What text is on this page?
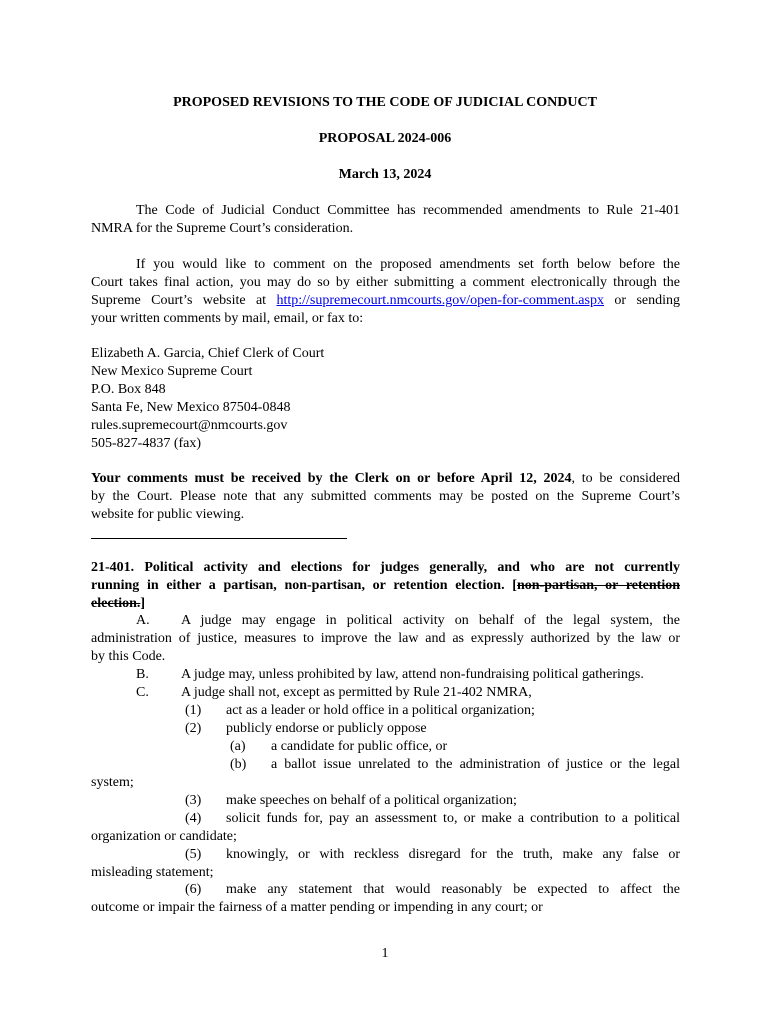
PROPOSED REVISIONS TO THE CODE OF JUDICIAL CONDUCT
PROPOSAL 2024-006
March 13, 2024
The Code of Judicial Conduct Committee has recommended amendments to Rule 21-401
NMRA for the Supreme Court’s consideration.
If you would like to comment on the proposed amendments set forth below before the
Court takes final action, you may do so by either submitting a comment electronically through the
Supreme Court’s website at http://supremecourt.nmcourts.gov/open-for-comment.aspx or sending
your written comments by mail, email, or fax to:
Elizabeth A. Garcia, Chief Clerk of Court
New Mexico Supreme Court
P.O. Box 848
Santa Fe, New Mexico 87504-0848
rules.supremecourt@nmcourts.gov
505-827-4837 (fax)
Your comments must be received by the Clerk on or before April 12, 2024, to be considered
by the Court. Please note that any submitted comments may be posted on the Supreme Court’s
website for public viewing.
21-401. Political activity and elections for judges generally, and who are not currently
running in either a partisan, non-partisan, or retention election. [non-partisan, or retention
election.]
A.	A judge may engage in political activity on behalf of the legal system, the
administration of justice, measures to improve the law and as expressly authorized by the law or
by this Code.
B.	A judge may, unless prohibited by law, attend non-fundraising political gatherings.
C.	A judge shall not, except as permitted by Rule 21-402 NMRA,
(1)	act as a leader or hold office in a political organization;
(2)	publicly endorse or publicly oppose
(a)	a candidate for public office, or
(b)	a ballot issue unrelated to the administration of justice or the legal
system;
(3)	make speeches on behalf of a political organization;
(4)	solicit funds for, pay an assessment to, or make a contribution to a political
organization or candidate;
(5)	knowingly, or with reckless disregard for the truth, make any false or
misleading statement;
(6)	make any statement that would reasonably be expected to affect the
outcome or impair the fairness of a matter pending or impending in any court; or
1
